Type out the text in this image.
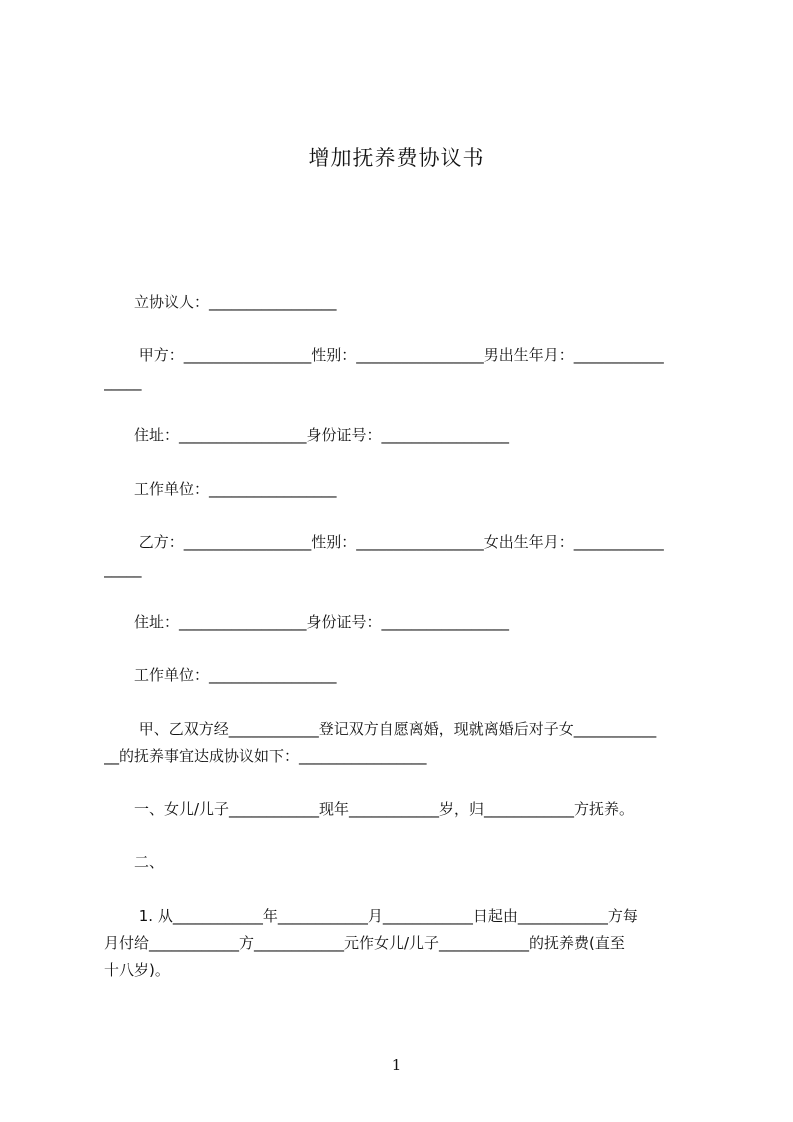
增加抚养费协议书
　　立协议人：_________________
　　 甲方：_________________性别：_________________男出生年月：____________
_____
　　住址：_________________身份证号：_________________
　　工作单位：_________________
　　 乙方：_________________性别：_________________女出生年月：____________
_____
　　住址：_________________身份证号：_________________
　　工作单位：_________________
　　 甲、乙双方经____________登记双方自愿离婚，现就离婚后对子女___________
__的抚养事宜达成协议如下：_________________
　　一、女儿/儿子____________现年____________岁，归____________方抚养。
　　二、
　　 1. 从____________年____________月____________日起由____________方每
月付给____________方____________元作女儿/儿子____________的抚养费(直至
十八岁)。
1
